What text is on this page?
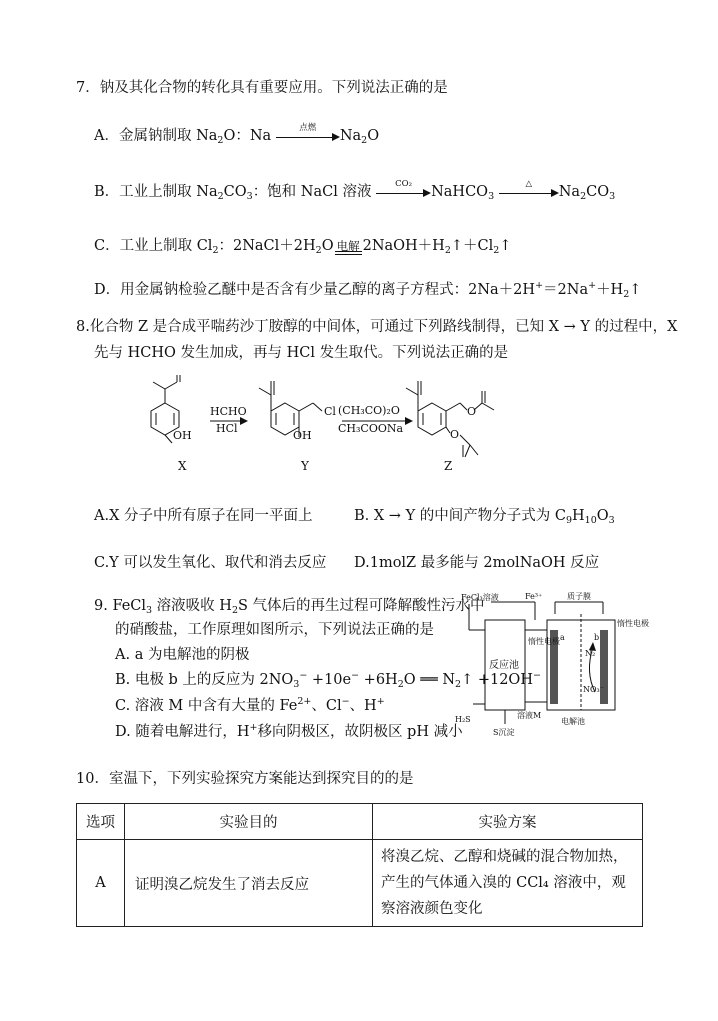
7．钠及其化合物的转化具有重要应用。下列说法正确的是
A．金属钠制取 $Na_2O$：Na	点燃	$Na_2O$
B．工业上制取 $Na_2CO_3$：饱和 NaCl 溶液	CO₂	NaHCO$_3$
△	$Na_2CO_3$
C．工业上制取 $Cl_2$：$2NaCl+2H_2O$ 电解 $2NaOH+H_2↑+Cl_2↑$
D．用金属钠检验乙醚中是否含有少量乙醇的离子方程式：$2Na+2H^+=2Na^++H_2↑$
8.化合物 Z 是合成平喘药沙丁胺醇的中间体，可通过下列路线制得，已知 X → Y 的过程中，X
先与 HCHO 发生加成，再与 HCl 发生取代。下列说法正确的是
OH
HCHO
HCl
Cl
OH
(CH₃CO)₂O
CH₃COONa
O
O
X	Y	Z
A.X 分子中所有原子在同一平面上	B. X → Y 的中间产物分子式为 $C_9H_{10}O_3$
C.Y 可以发生氧化、取代和消去反应 D.1molZ 最多能与 2molNaOH 反应
9. FeCl$_3$ 溶液吸收 $H_2S$ 气体后的再生过程可降解酸性污水中
的硝酸盐，工作原理如图所示，下列说法正确的是
A. a 为电解池的阴极
B. 电极 b 上的反应为 $2NO_3^- +10e^- +6H_2O$ ══ $N_2↑ +12OH^-$
C. 溶液 M 中含有大量的 $Fe^{2+}$、Cl−、H+
D. 随着电解进行，H+移向阴极区，故阴极区 pH 减小
FeCl₃溶液	Fe³⁺	质子膜
反应池
a	b
N₂
NO₃⁻
H₂S	溶液M
电解池
S沉淀
惰性电极
惰性电极
10．室温下，下列实验探究方案能达到探究目的的是
选项	实验目的	实验方案
A	证明溴乙烷发生了消去反应	将溴乙烷、乙醇和烧碱的混合物加热，产生的气体通入溴的 CCl₄ 溶液中，观察溶液颜色变化
